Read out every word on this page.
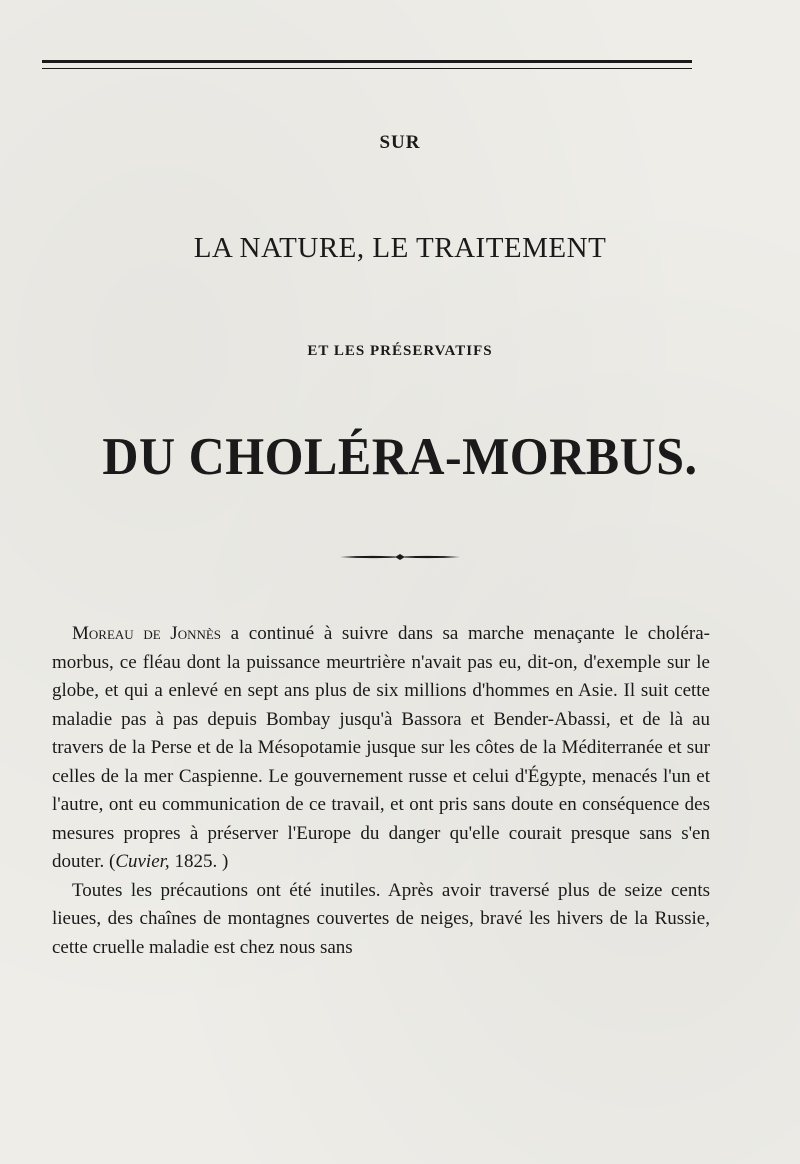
SUR
LA NATURE, LE TRAITEMENT
ET LES PRÉSERVATIFS
DU CHOLÉRA-MORBUS.

Moreau de Jonnès a continué à suivre dans sa marche menaçante le choléra-morbus, ce fléau dont la puissance meurtrière n'avait pas eu, dit-on, d'exemple sur le globe, et qui a enlevé en sept ans plus de six millions d'hommes en Asie. Il suit cette maladie pas à pas depuis Bombay jusqu'à Bassora et Bender-Abassi, et de là au travers de la Perse et de la Mésopotamie jusque sur les côtes de la Méditerranée et sur celles de la mer Caspienne. Le gouvernement russe et celui d'Égypte, menacés l'un et l'autre, ont eu communication de ce travail, et ont pris sans doute en conséquence des mesures propres à préserver l'Europe du danger qu'elle courait presque sans s'en douter. (Cuvier, 1825. )

Toutes les précautions ont été inutiles. Après avoir traversé plus de seize cents lieues, des chaînes de montagnes couvertes de neiges, bravé les hivers de la Russie, cette cruelle maladie est chez nous sans
